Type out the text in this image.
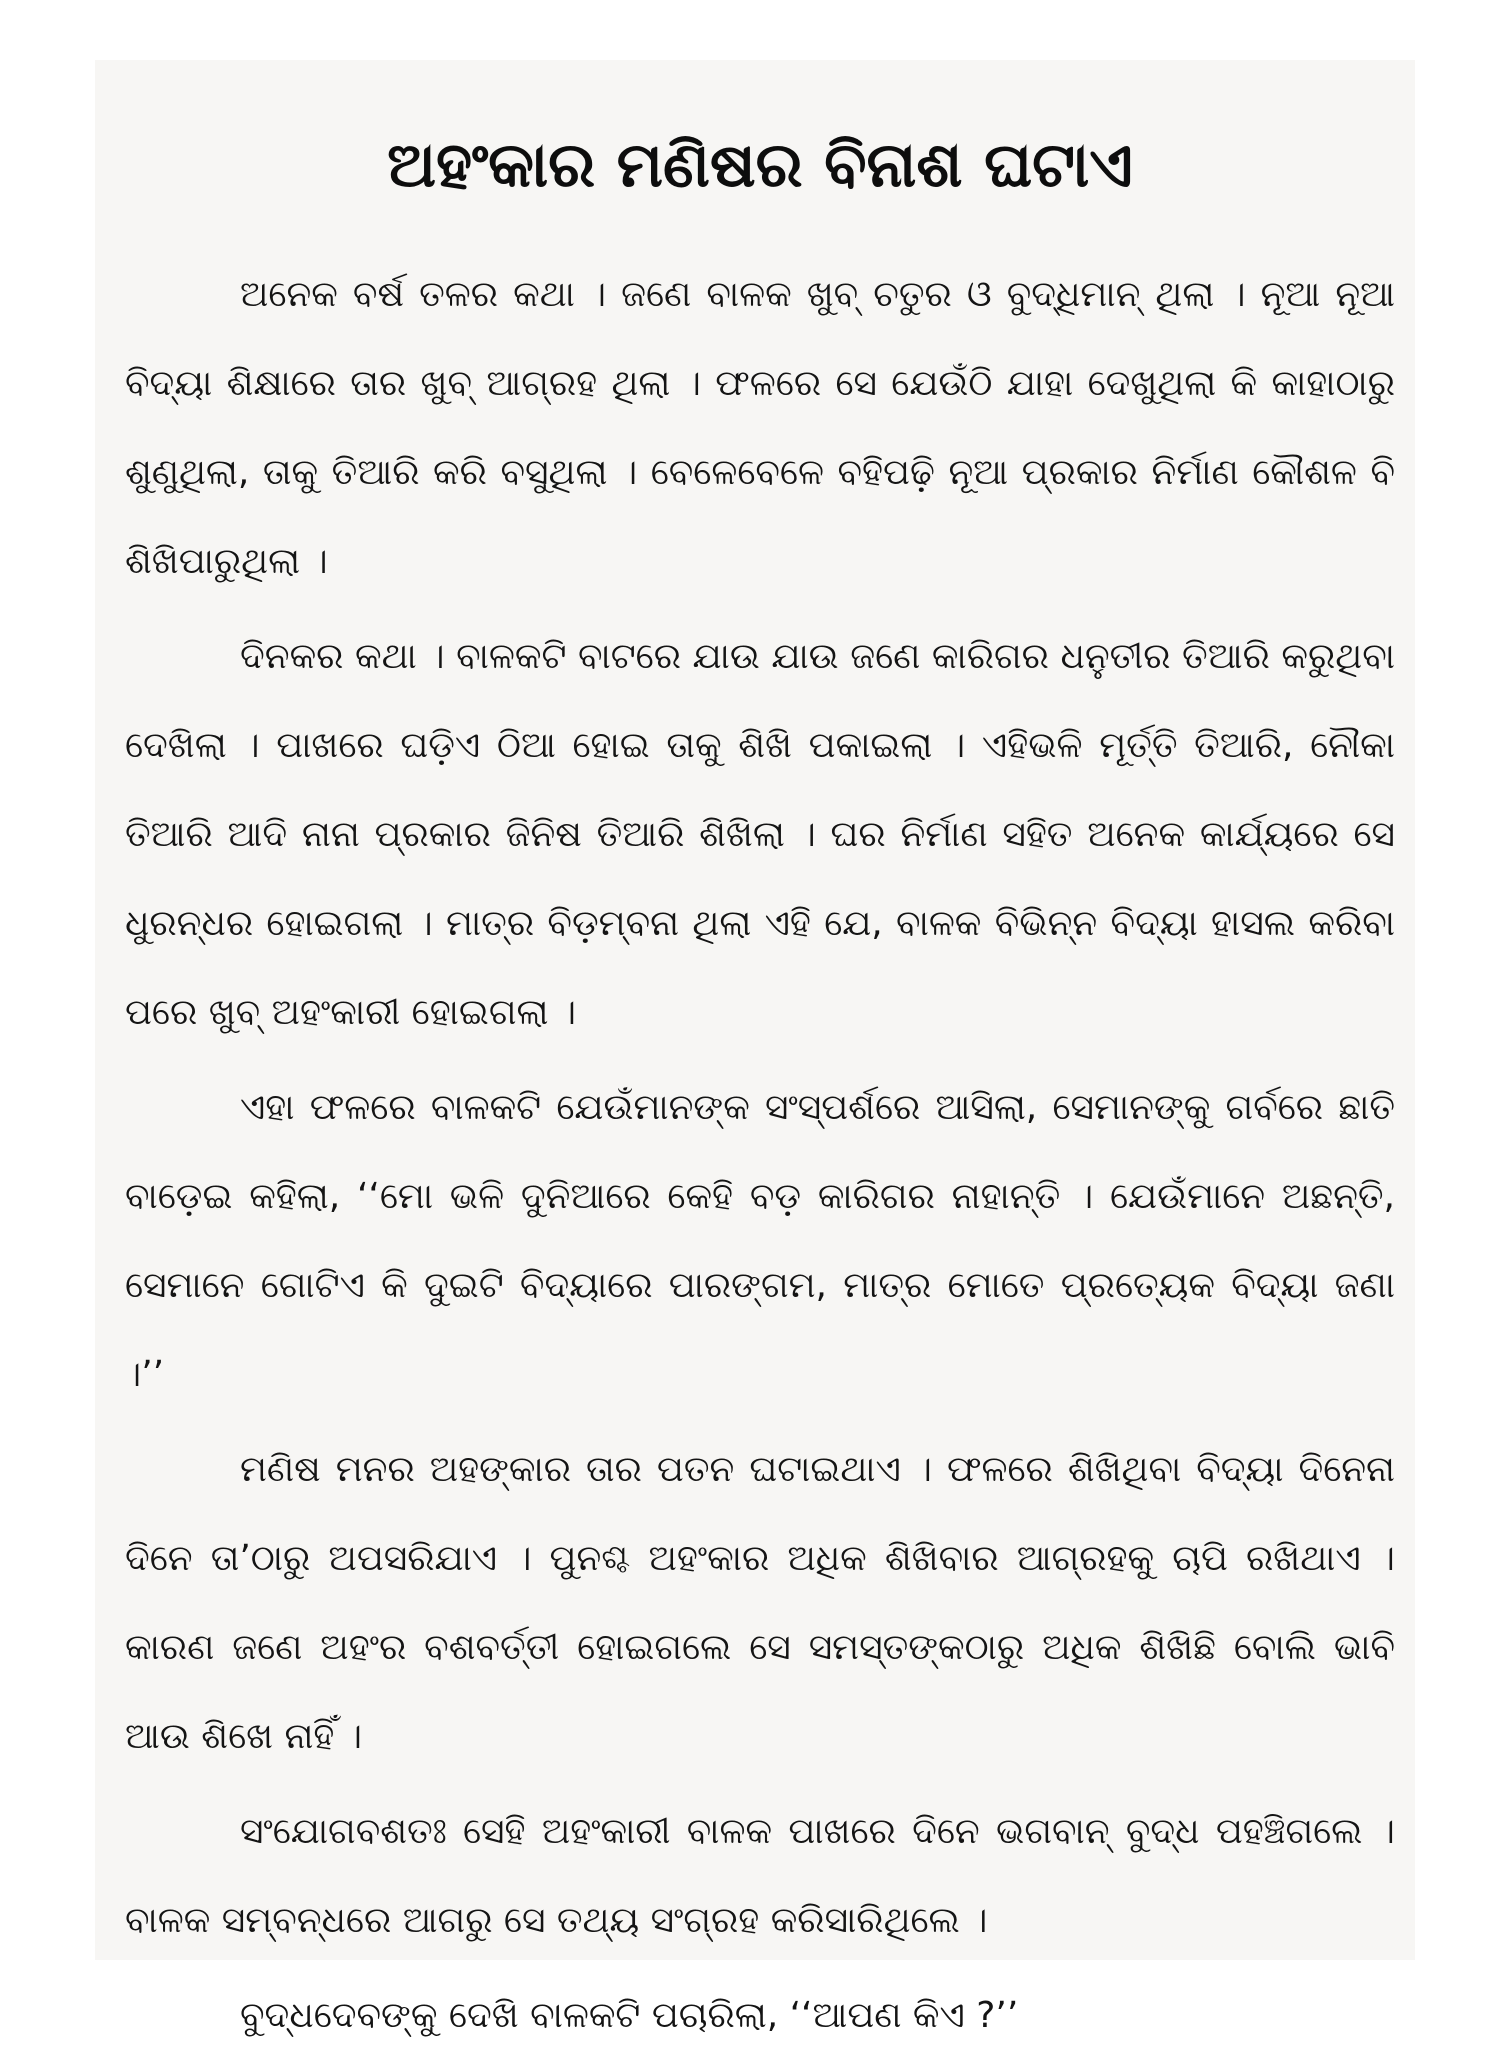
ଅହଂକାର ମଣିଷର ବିନାଶ ଘଟାଏ

ଅନେକ ବର୍ଷ ତଳର କଥା । ଜଣେ ବାଳକ ଖୁବ୍ ଚତୁର ଓ ବୁଦ୍ଧିମାନ୍ ଥିଲା । ନୂଆ ନୂଆ ବିଦ୍ୟା ଶିକ୍ଷାରେ ତାର ଖୁବ୍ ଆଗ୍ରହ ଥିଲା । ଫଳରେ ସେ ଯେଉଁଠି ଯାହା ଦେଖୁଥିଲା କି କାହାଠାରୁ ଶୁଣୁଥିଲା, ତାକୁ ତିଆରି କରି ବସୁଥିଲା । ବେଳେବେଳେ ବହିପଢ଼ି ନୂଆ ପ୍ରକାର ନିର୍ମାଣ କୌଶଳ ବି ଶିଖିପାରୁଥିଲା ।

ଦିନକର କଥା । ବାଳକଟି ବାଟରେ ଯାଉ ଯାଉ ଜଣେ କାରିଗର ଧନୁତୀର ତିଆରି କରୁଥିବା ଦେଖିଲା । ପାଖରେ ଘଡ଼ିଏ ଠିଆ ହୋଇ ତାକୁ ଶିଖି ପକାଇଲା । ଏହିଭଳି ମୂର୍ତ୍ତି ତିଆରି, ନୌକା ତିଆରି ଆଦି ନାନା ପ୍ରକାର ଜିନିଷ ତିଆରି ଶିଖିଲା । ଘର ନିର୍ମାଣ ସହିତ ଅନେକ କାର୍ଯ୍ୟରେ ସେ ଧୁରନ୍ଧର ହୋଇଗଲା । ମାତ୍ର ବିଡ଼ମ୍ବନା ଥିଲା ଏହି ଯେ, ବାଳକ ବିଭିନ୍ନ ବିଦ୍ୟା ହାସଲ କରିବା ପରେ ଖୁବ୍ ଅହଂକାରୀ ହୋଇଗଲା ।

ଏହା ଫଳରେ ବାଳକଟି ଯେଉଁମାନଙ୍କ ସଂସ୍ପର୍ଶରେ ଆସିଲା, ସେମାନଙ୍କୁ ଗର୍ବରେ ଛାତି ବାଡ଼େଇ କହିଲା, ‘‘ମୋ ଭଳି ଦୁନିଆରେ କେହି ବଡ଼ କାରିଗର ନାହାନ୍ତି । ଯେଉଁମାନେ ଅଛନ୍ତି, ସେମାନେ ଗୋଟିଏ କି ଦୁଇଟି ବିଦ୍ୟାରେ ପାରଙ୍ଗମ, ମାତ୍ର ମୋତେ ପ୍ରତ୍ୟେକ ବିଦ୍ୟା ଜଣା ।’’

ମଣିଷ ମନର ଅହଙ୍କାର ତାର ପତନ ଘଟାଇଥାଏ । ଫଳରେ ଶିଖିଥିବା ବିଦ୍ୟା ଦିନେନା ଦିନେ ତା’ଠାରୁ ଅପସରିଯାଏ । ପୁନଶ୍ଚ ଅହଂକାର ଅଧିକ ଶିଖିବାର ଆଗ୍ରହକୁ ଚାପି ରଖିଥାଏ । କାରଣ ଜଣେ ଅହଂର ବଶବର୍ତ୍ତୀ ହୋଇଗଲେ ସେ ସମସ୍ତଙ୍କଠାରୁ ଅଧିକ ଶିଖିଛି ବୋଲି ଭାବି ଆଉ ଶିଖେ ନାହିଁ ।

ସଂଯୋଗବଶତଃ ସେହି ଅହଂକାରୀ ବାଳକ ପାଖରେ ଦିନେ ଭଗବାନ୍ ବୁଦ୍ଧ ପହଞ୍ଚିଗଲେ । ବାଳକ ସମ୍ବନ୍ଧରେ ଆଗରୁ ସେ ତଥ୍ୟ ସଂଗ୍ରହ କରିସାରିଥିଲେ ।

ବୁଦ୍ଧଦେବଙ୍କୁ ଦେଖି ବାଳକଟି ପଚାରିଲା, ‘‘ଆପଣ କିଏ ?’’
